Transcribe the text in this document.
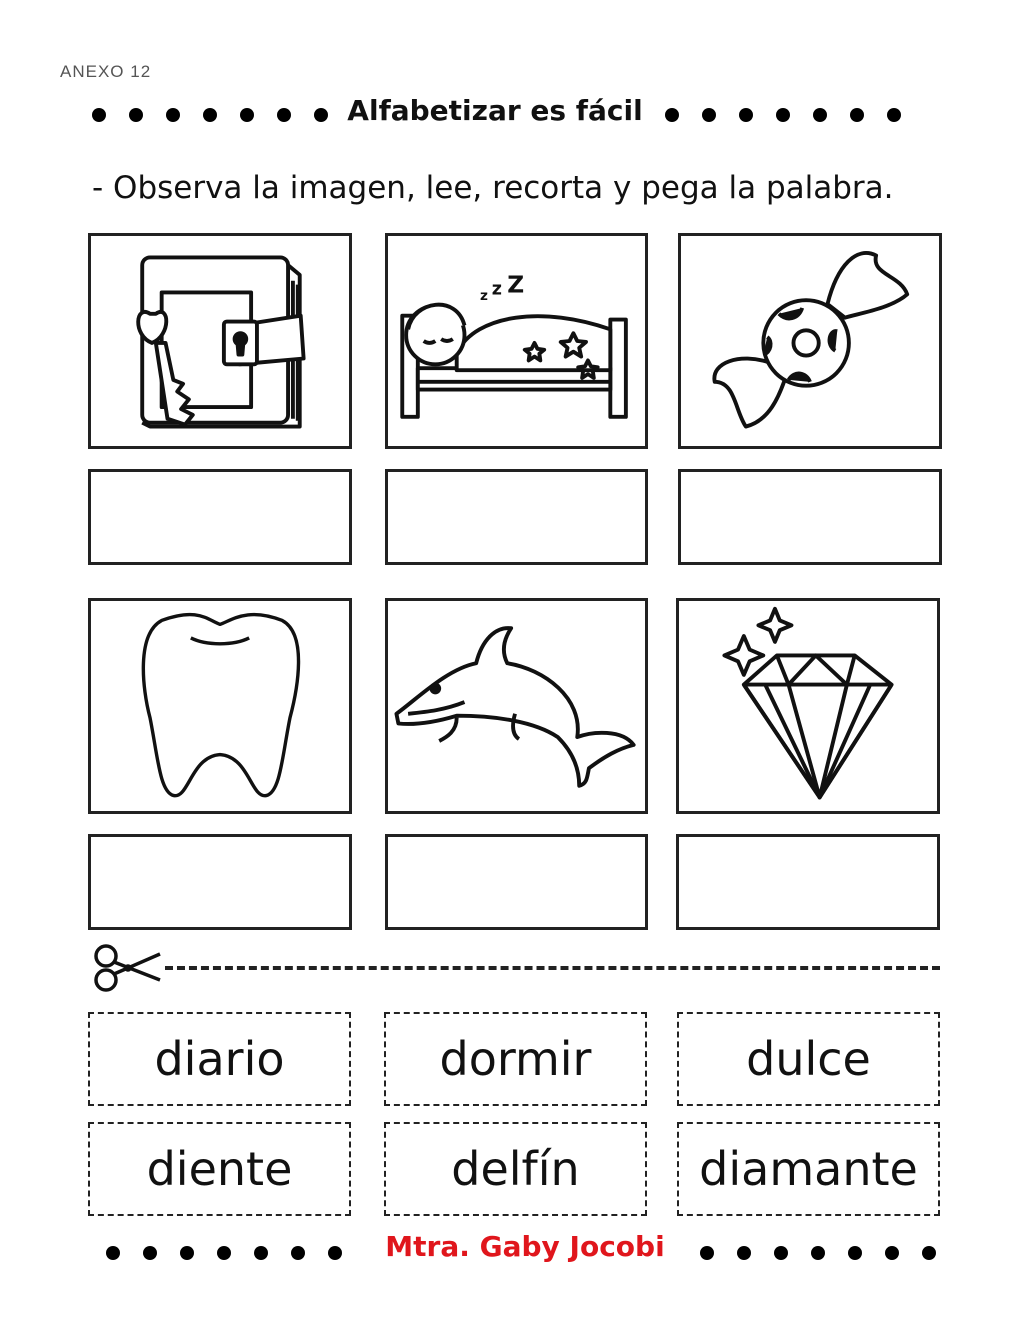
ANEXO 12
Alfabetizar es fácil
- Observa la imagen, lee, recorta y pega la palabra.
z z Z
diario	dormir	dulce
diente	delfín	diamante
Mtra. Gaby Jocobi
